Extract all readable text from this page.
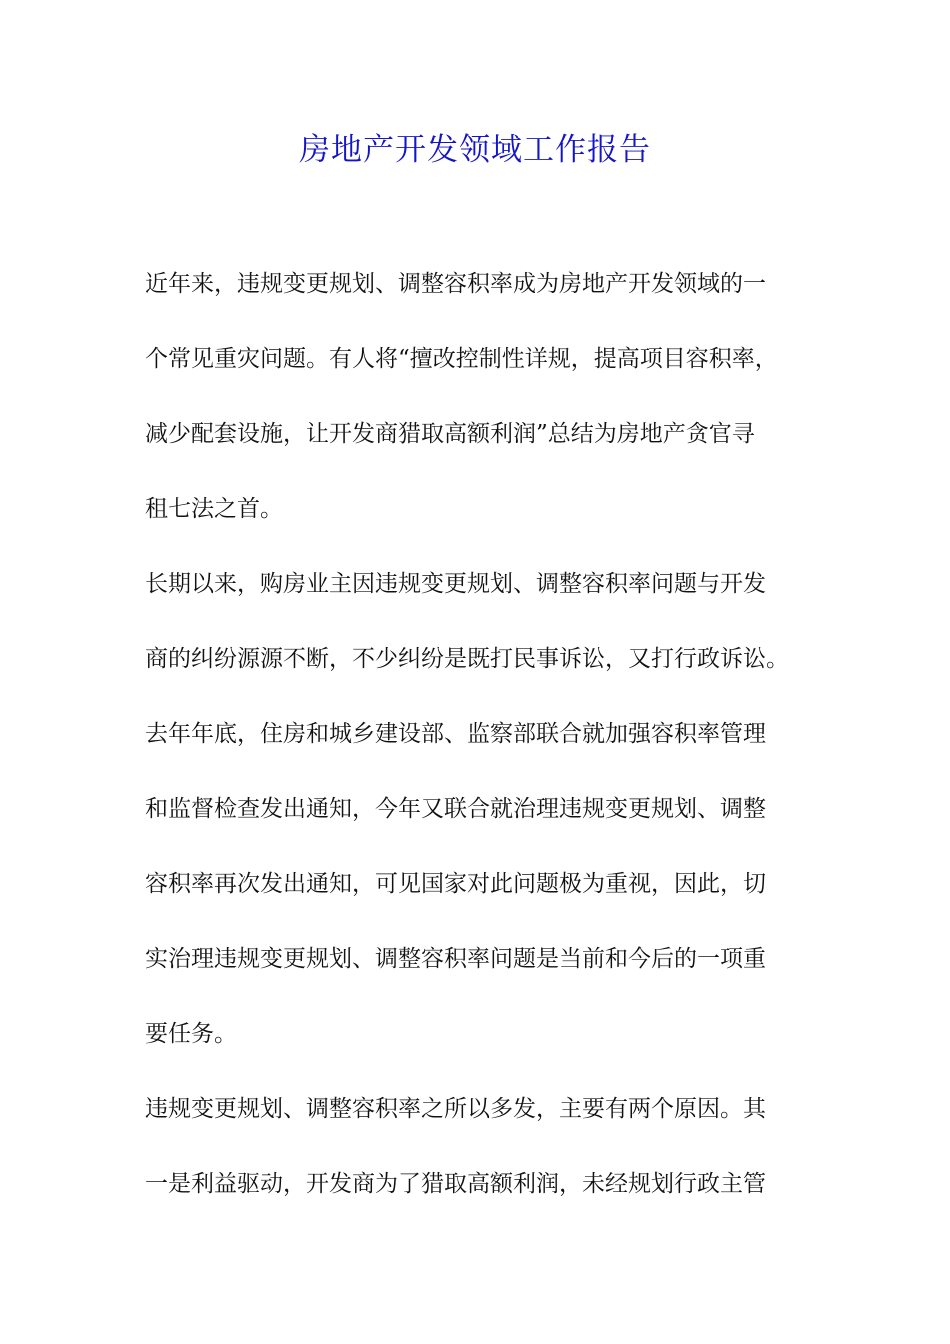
房地产开发领域工作报告
近年来，违规变更规划、调整容积率成为房地产开发领域的一
个常见重灾问题。有人将“擅改控制性详规，提高项目容积率，
减少配套设施，让开发商猎取高额利润”总结为房地产贪官寻
租七法之首。
长期以来，购房业主因违规变更规划、调整容积率问题与开发
商的纠纷源源不断，不少纠纷是既打民事诉讼，又打行政诉讼。
去年年底，住房和城乡建设部、监察部联合就加强容积率管理
和监督检查发出通知，今年又联合就治理违规变更规划、调整
容积率再次发出通知，可见国家对此问题极为重视，因此，切
实治理违规变更规划、调整容积率问题是当前和今后的一项重
要任务。
违规变更规划、调整容积率之所以多发，主要有两个原因。其
一是利益驱动，开发商为了猎取高额利润，未经规划行政主管
